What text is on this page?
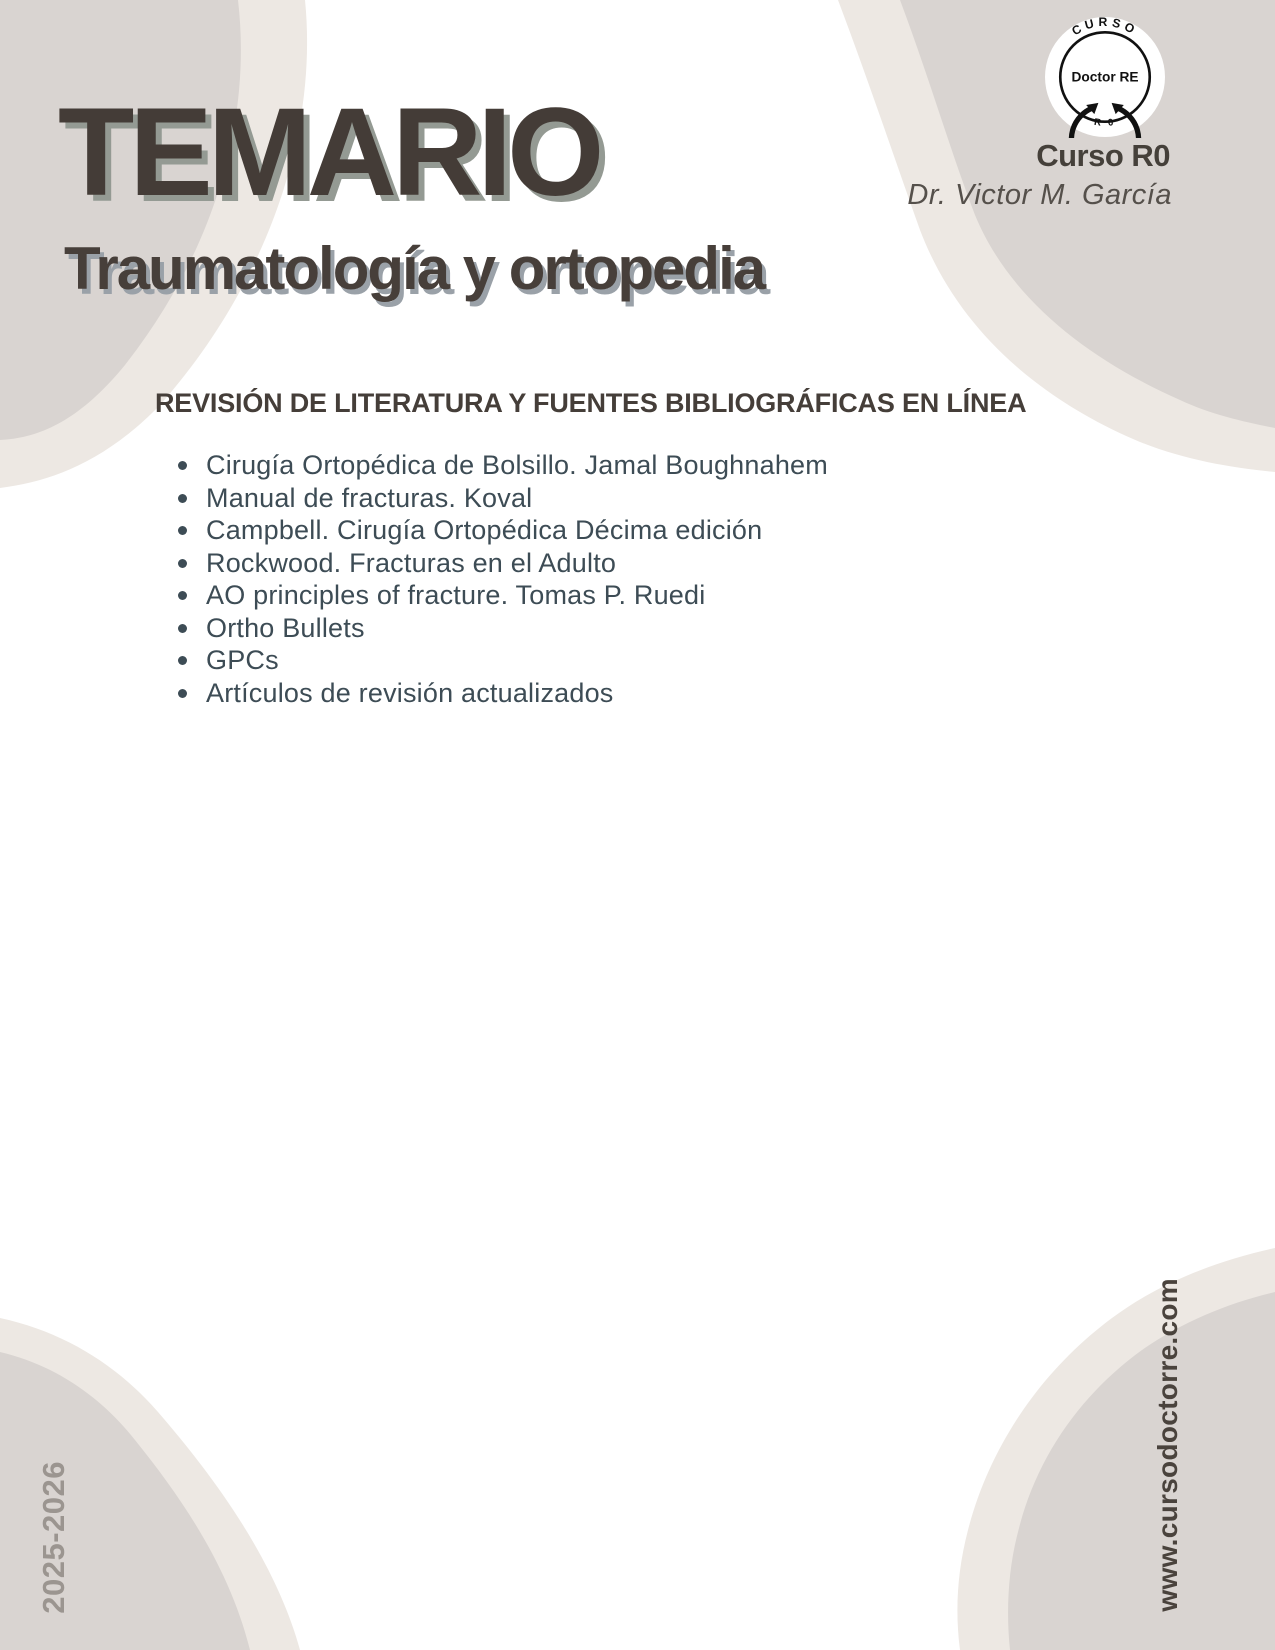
TEMARIO
Traumatología y ortopedia
CURSO
R 0
Doctor RE
Curso R0
Dr. Victor M. García
REVISIÓN DE LITERATURA Y FUENTES BIBLIOGRÁFICAS EN LÍNEA
Cirugía Ortopédica de Bolsillo. Jamal Boughnahem
Manual de fracturas. Koval
Campbell. Cirugía Ortopédica Décima edición
Rockwood. Fracturas en el Adulto
AO principles of fracture. Tomas P. Ruedi
Ortho Bullets
GPCs
Artículos de revisión actualizados
2025-2026	www.cursodoctorre.com
